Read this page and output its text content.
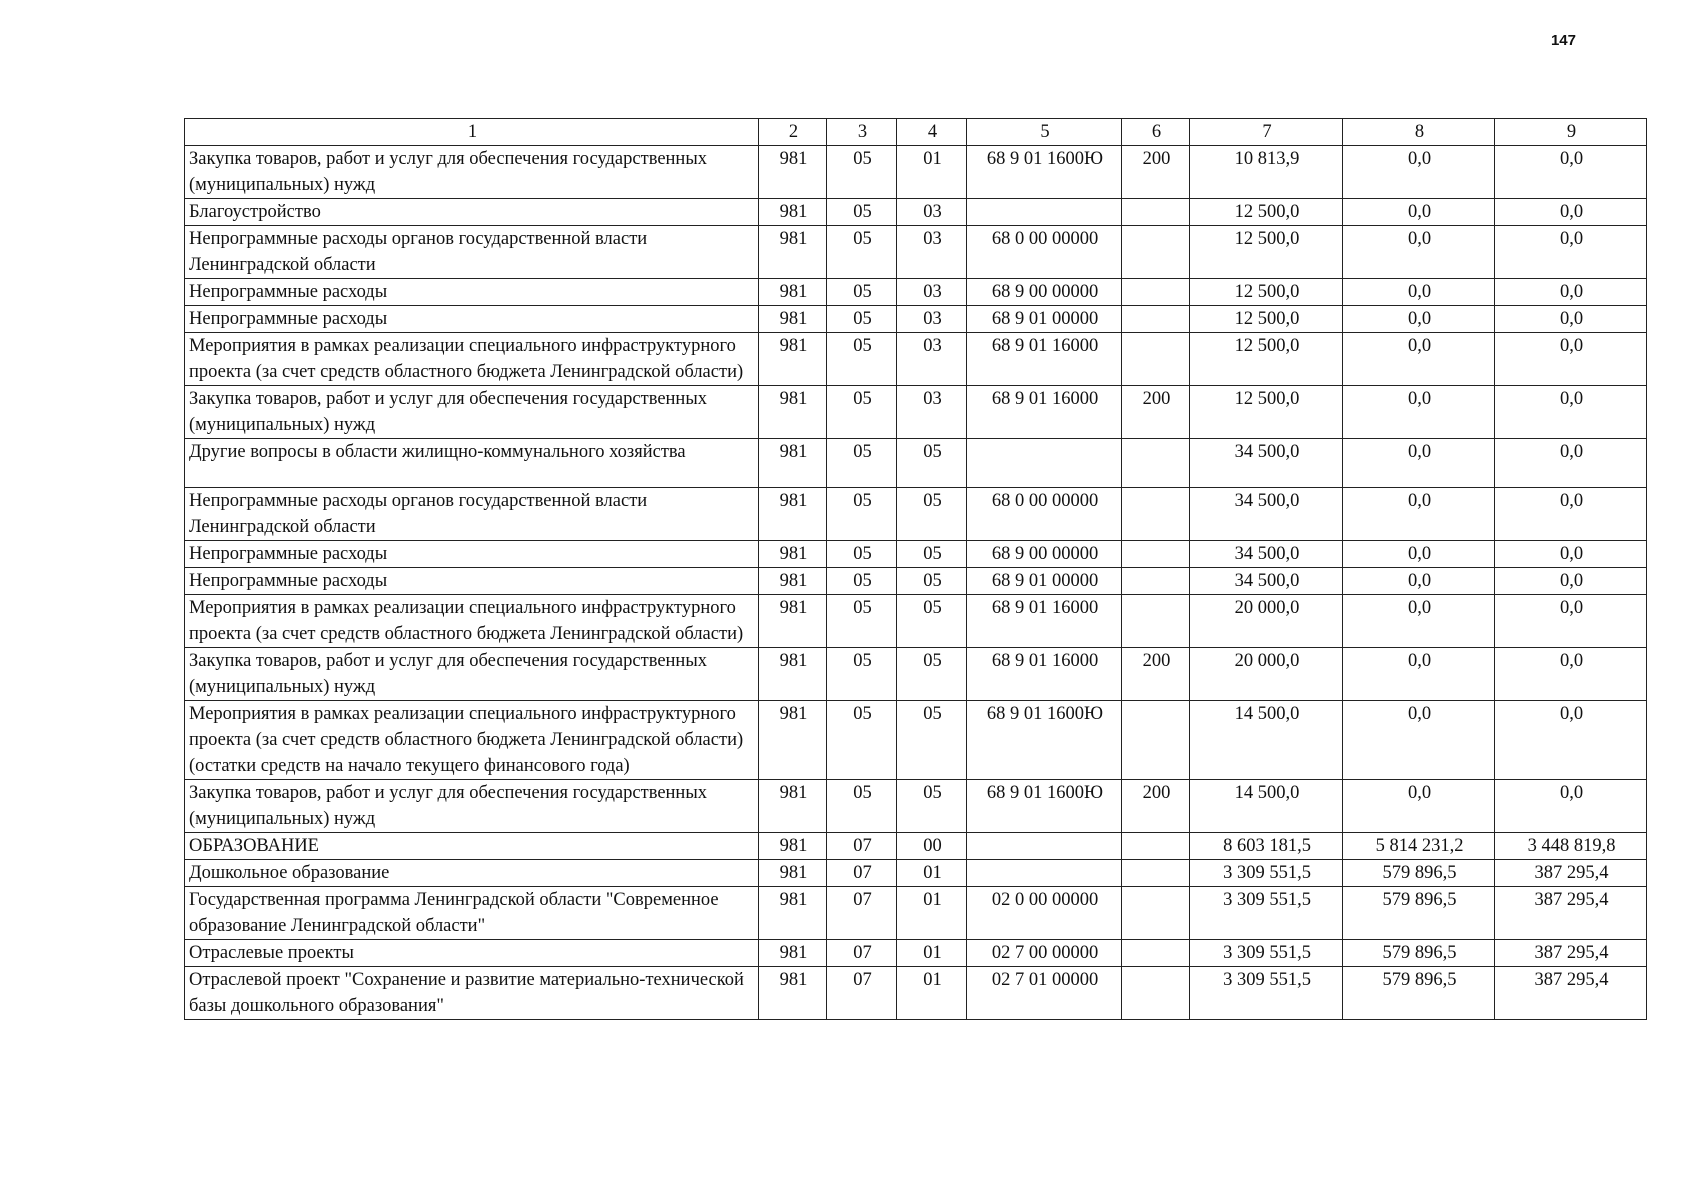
147
1	2	3	4	5	6	7	8	9
Закупка товаров, работ и услуг для обеспечения государственных (муниципальных) нужд	981	05	01	68 9 01 1600Ю	200	10 813,9	0,0	0,0
Благоустройство	981	05	03			12 500,0	0,0	0,0
Непрограммные расходы органов государственной власти Ленинградской области	981	05	03	68 0 00 00000		12 500,0	0,0	0,0
Непрограммные расходы	981	05	03	68 9 00 00000		12 500,0	0,0	0,0
Непрограммные расходы	981	05	03	68 9 01 00000		12 500,0	0,0	0,0
Мероприятия в рамках реализации специального инфраструктурного проекта (за счет средств областного бюджета Ленинградской области)	981	05	03	68 9 01 16000		12 500,0	0,0	0,0
Закупка товаров, работ и услуг для обеспечения государственных (муниципальных) нужд	981	05	03	68 9 01 16000	200	12 500,0	0,0	0,0
Другие вопросы в области жилищно-коммунального хозяйства	981	05	05			34 500,0	0,0	0,0
Непрограммные расходы органов государственной власти Ленинградской области	981	05	05	68 0 00 00000		34 500,0	0,0	0,0
Непрограммные расходы	981	05	05	68 9 00 00000		34 500,0	0,0	0,0
Непрограммные расходы	981	05	05	68 9 01 00000		34 500,0	0,0	0,0
Мероприятия в рамках реализации специального инфраструктурного проекта (за счет средств областного бюджета Ленинградской области)	981	05	05	68 9 01 16000		20 000,0	0,0	0,0
Закупка товаров, работ и услуг для обеспечения государственных (муниципальных) нужд	981	05	05	68 9 01 16000	200	20 000,0	0,0	0,0
Мероприятия в рамках реализации специального инфраструктурного проекта (за счет средств областного бюджета Ленинградской области) (остатки средств на начало текущего финансового года)	981	05	05	68 9 01 1600Ю		14 500,0	0,0	0,0
Закупка товаров, работ и услуг для обеспечения государственных (муниципальных) нужд	981	05	05	68 9 01 1600Ю	200	14 500,0	0,0	0,0
ОБРАЗОВАНИЕ	981	07	00			8 603 181,5	5 814 231,2	3 448 819,8
Дошкольное образование	981	07	01			3 309 551,5	579 896,5	387 295,4
Государственная программа Ленинградской области "Современное образование Ленинградской области"	981	07	01	02 0 00 00000		3 309 551,5	579 896,5	387 295,4
Отраслевые проекты	981	07	01	02 7 00 00000		3 309 551,5	579 896,5	387 295,4
Отраслевой проект "Сохранение и развитие материально-технической базы дошкольного образования"	981	07	01	02 7 01 00000		3 309 551,5	579 896,5	387 295,4
